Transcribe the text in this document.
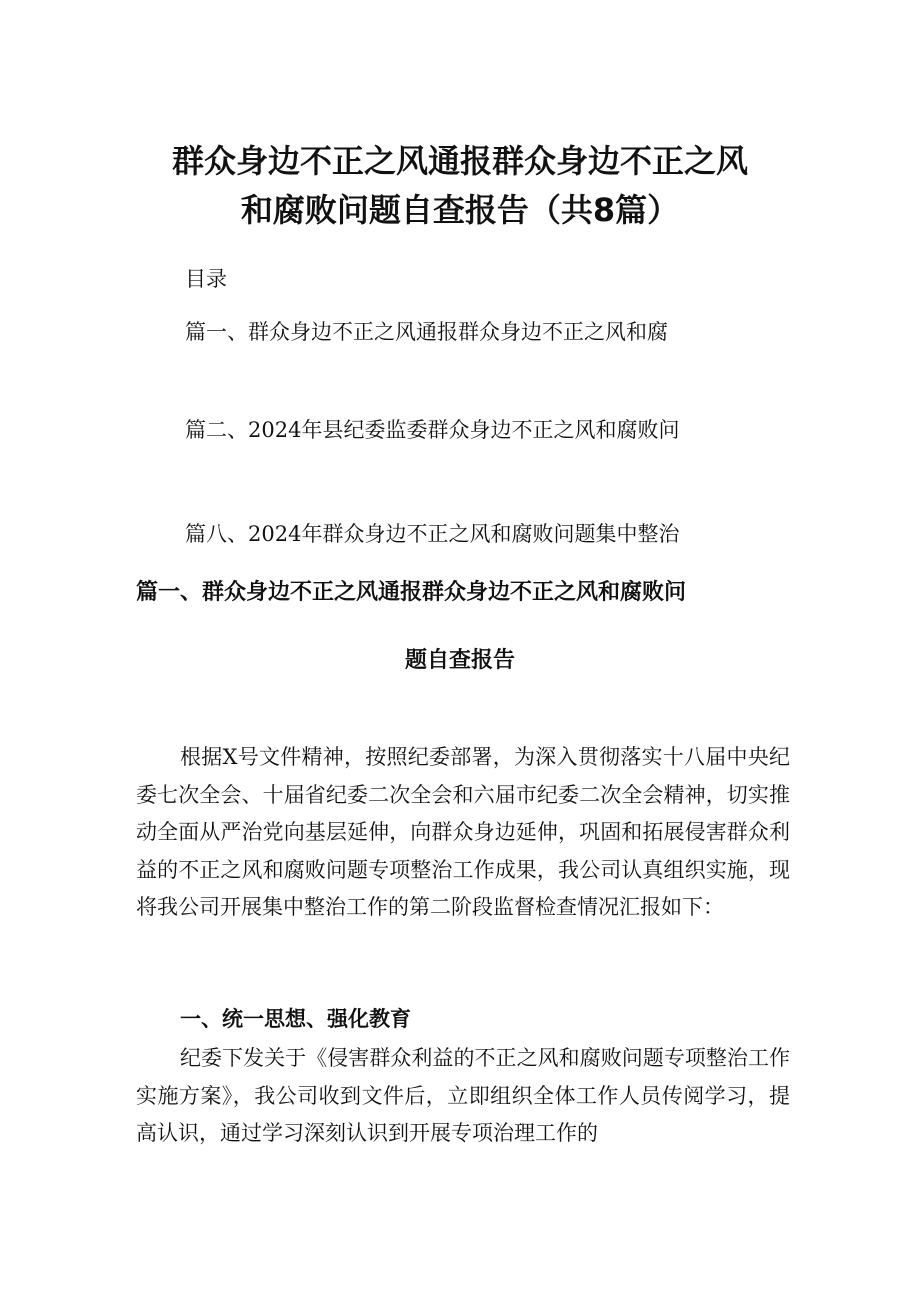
群众身边不正之风通报群众身边不正之风
和腐败问题自查报告（共8篇）

目录

篇一、群众身边不正之风通报群众身边不正之风和腐

篇二、2024年县纪委监委群众身边不正之风和腐败问

篇八、2024年群众身边不正之风和腐败问题集中整治

篇一、群众身边不正之风通报群众身边不正之风和腐败问
题自查报告

根据X号文件精神，按照纪委部署，为深入贯彻落实十八届中央纪委七次全会、十届省纪委二次全会和六届市纪委二次全会精神，切实推动全面从严治党向基层延伸，向群众身边延伸，巩固和拓展侵害群众利益的不正之风和腐败问题专项整治工作成果，我公司认真组织实施，现将我公司开展集中整治工作的第二阶段监督检查情况汇报如下：

一、统一思想、强化教育

纪委下发关于《侵害群众利益的不正之风和腐败问题专项整治工作实施方案》，我公司收到文件后，立即组织全体工作人员传阅学习，提高认识，通过学习深刻认识到开展专项治理工作的
